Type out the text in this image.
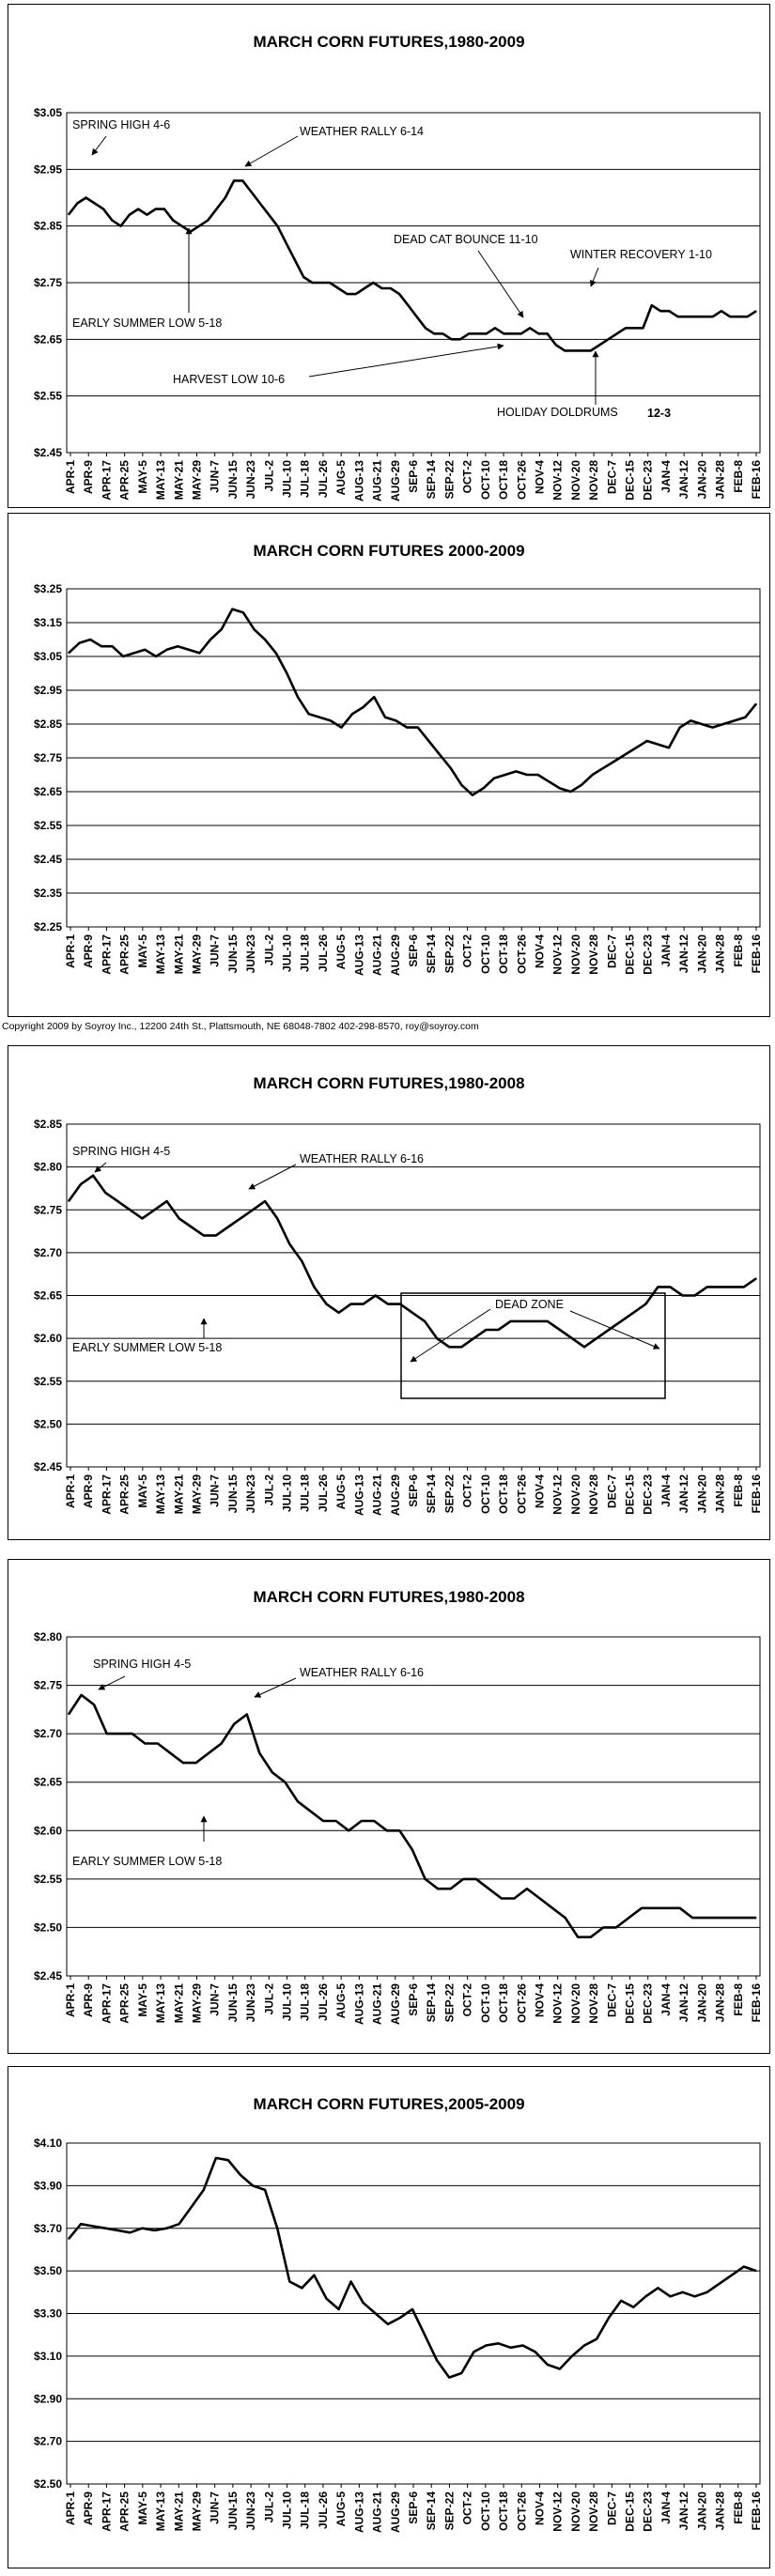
MARCH CORN FUTURES,1980-2009
$2.45
$2.55
$2.65
$2.75
$2.85
$2.95
$3.05
APR-1 APR-9 APR-17 APR-25 MAY-5 MAY-13 MAY-21 MAY-29 JUN-7 JUN-15 JUN-23 JUL-2 JUL-10 JUL-18 JUL-26 AUG-5 AUG-13 AUG-21 AUG-29 SEP-6 SEP-14 SEP-22 OCT-2 OCT-10 OCT-18 OCT-26 NOV-4 NOV-12 NOV-20 NOV-28 DEC-7 DEC-15 DEC-23 JAN-4 JAN-12 JAN-20 JAN-28 FEB-8 FEB-16
SPRING HIGH 4-6	WEATHER RALLY 6-14
DEAD CAT BOUNCE 11-10
WINTER RECOVERY 1-10
EARLY SUMMER LOW 5-18
HARVEST LOW 10-6
HOLIDAY DOLDRUMS	12-3
MARCH CORN FUTURES 2000-2009
$2.25
$2.35
$2.45
$2.55
$2.65
$2.75
$2.85
$2.95
$3.05
$3.15
$3.25
APR-1 APR-9 APR-17 APR-25 MAY-5 MAY-13 MAY-21 MAY-29 JUN-7 JUN-15 JUN-23 JUL-2 JUL-10 JUL-18 JUL-26 AUG-5 AUG-13 AUG-21 AUG-29 SEP-6 SEP-14 SEP-22 OCT-2 OCT-10 OCT-18 OCT-26 NOV-4 NOV-12 NOV-20 NOV-28 DEC-7 DEC-15 DEC-23 JAN-4 JAN-12 JAN-20 JAN-28 FEB-8 FEB-16
Copyright 2009 by Soyroy Inc., 12200 24th St., Plattsmouth, NE 68048-7802 402-298-8570, roy@soyroy.com
MARCH CORN FUTURES,1980-2008
$2.45
$2.50
$2.55
$2.60
$2.65
$2.70
$2.75
$2.80
$2.85
APR-1 APR-9 APR-17 APR-25 MAY-5 MAY-13 MAY-21 MAY-29 JUN-7 JUN-15 JUN-23 JUL-2 JUL-10 JUL-18 JUL-26 AUG-5 AUG-13 AUG-21 AUG-29 SEP-6 SEP-14 SEP-22 OCT-2 OCT-10 OCT-18 OCT-26 NOV-4 NOV-12 NOV-20 NOV-28 DEC-7 DEC-15 DEC-23 JAN-4 JAN-12 JAN-20 JAN-28 FEB-8 FEB-16
SPRING HIGH 4-5
WEATHER RALLY 6-16
DEAD ZONE
EARLY SUMMER LOW 5-18
MARCH CORN FUTURES,1980-2008
$2.45
$2.50
$2.55
$2.60
$2.65
$2.70
$2.75
$2.80
APR-1 APR-9 APR-17 APR-25 MAY-5 MAY-13 MAY-21 MAY-29 JUN-7 JUN-15 JUN-23 JUL-2 JUL-10 JUL-18 JUL-26 AUG-5 AUG-13 AUG-21 AUG-29 SEP-6 SEP-14 SEP-22 OCT-2 OCT-10 OCT-18 OCT-26 NOV-4 NOV-12 NOV-20 NOV-28 DEC-7 DEC-15 DEC-23 JAN-4 JAN-12 JAN-20 JAN-28 FEB-8 FEB-16
SPRING HIGH 4-5
WEATHER RALLY 6-16
EARLY SUMMER LOW 5-18
MARCH CORN FUTURES,2005-2009
$2.50
$2.70
$2.90
$3.10
$3.30
$3.50
$3.70
$3.90
$4.10
APR-1 APR-9 APR-17 APR-25 MAY-5 MAY-13 MAY-21 MAY-29 JUN-7 JUN-15 JUN-23 JUL-2 JUL-10 JUL-18 JUL-26 AUG-5 AUG-13 AUG-21 AUG-29 SEP-6 SEP-14 SEP-22 OCT-2 OCT-10 OCT-18 OCT-26 NOV-4 NOV-12 NOV-20 NOV-28 DEC-7 DEC-15 DEC-23 JAN-4 JAN-12 JAN-20 JAN-28 FEB-8 FEB-16
